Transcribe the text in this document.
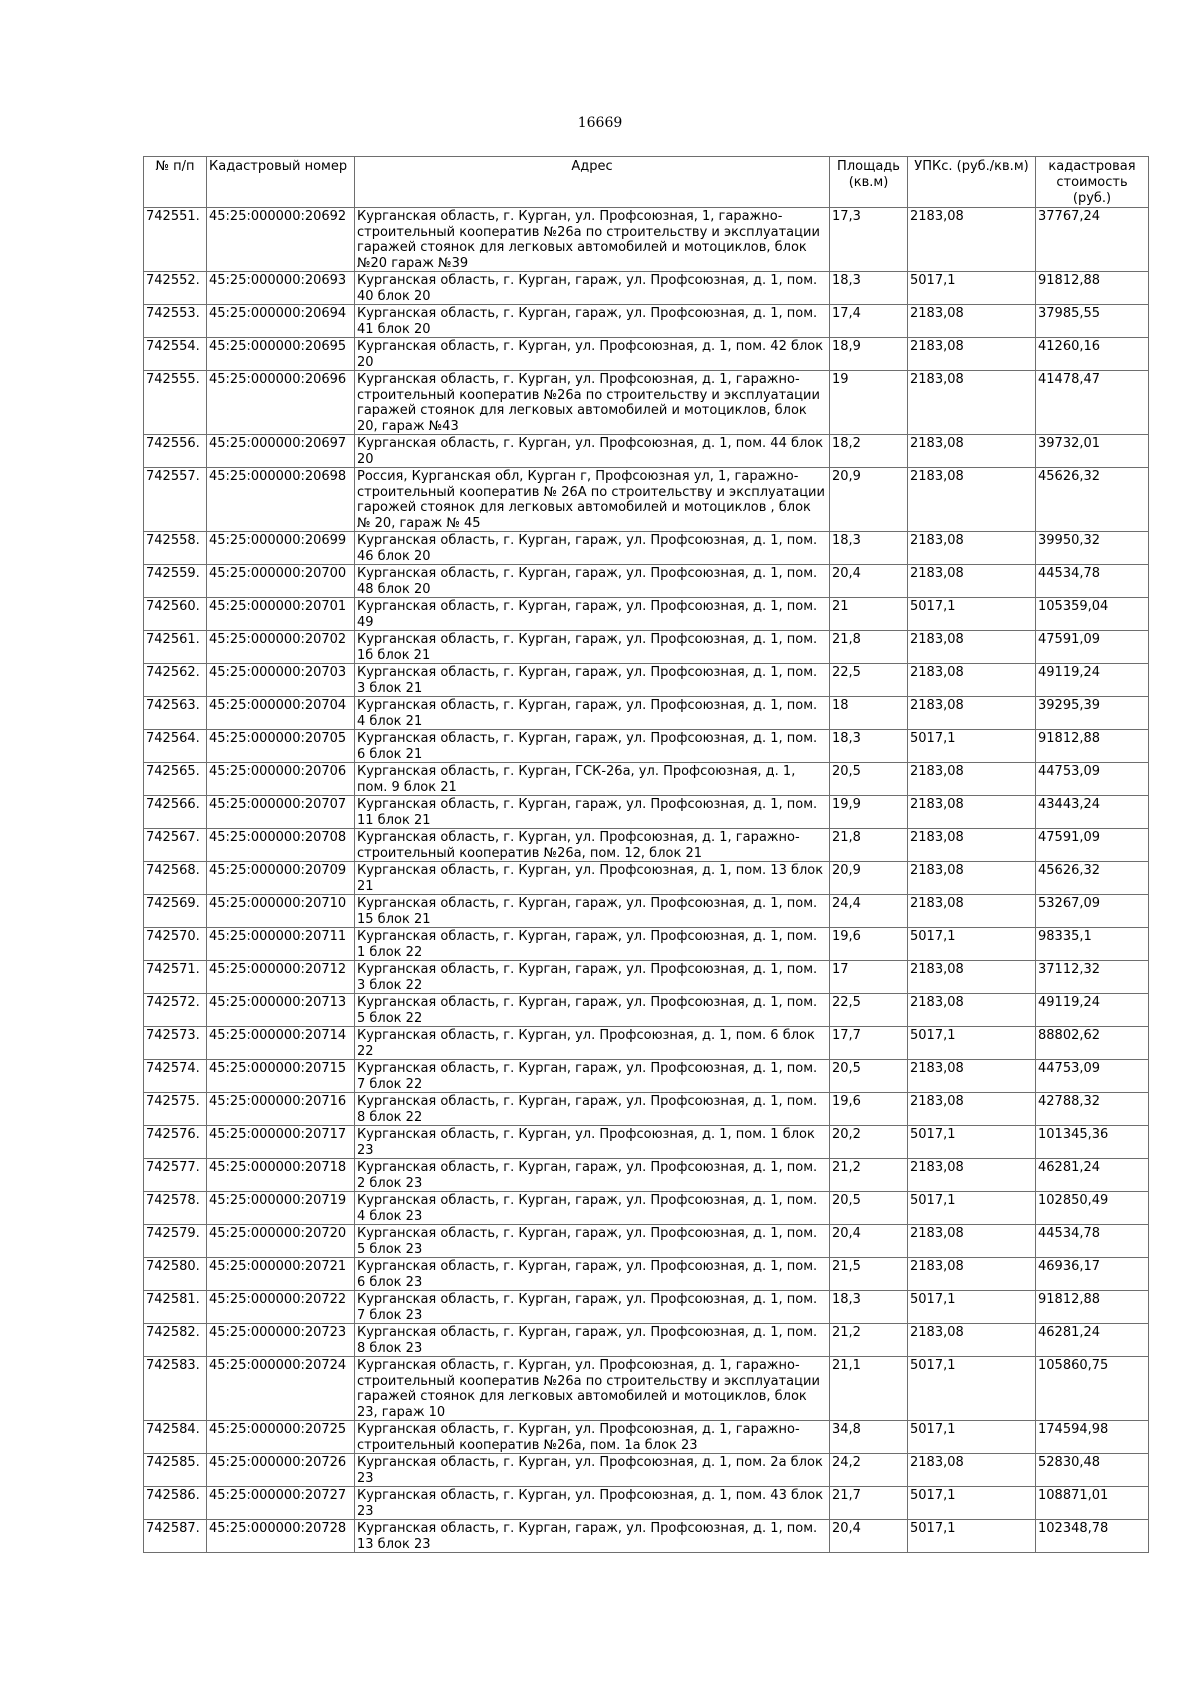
16669
№ п/п	Кадастровый номер	Адрес	Площадь (кв.м)	УПКс. (руб./кв.м)	кадастровая стоимость (руб.)
742551.	45:25:000000:20692	Курганская область, г. Курган, ул. Профсоюзная, 1, гаражно-строительный кооператив №26а по строительству и эксплуатации гаражей стоянок для легковых автомобилей и мотоциклов, блок №20 гараж №39	17,3	2183,08	37767,24
742552.	45:25:000000:20693	Курганская область, г. Курган, гараж, ул. Профсоюзная, д. 1, пом. 40 блок 20	18,3	5017,1	91812,88
742553.	45:25:000000:20694	Курганская область, г. Курган, гараж, ул. Профсоюзная, д. 1, пом. 41 блок 20	17,4	2183,08	37985,55
742554.	45:25:000000:20695	Курганская область, г. Курган, ул. Профсоюзная, д. 1, пом. 42 блок 20	18,9	2183,08	41260,16
742555.	45:25:000000:20696	Курганская область, г. Курган, ул. Профсоюзная, д. 1, гаражно-строительный кооператив №26а по строительству и эксплуатации гаражей стоянок для легковых автомобилей и мотоциклов, блок 20, гараж №43	19	2183,08	41478,47
742556.	45:25:000000:20697	Курганская область, г. Курган, ул. Профсоюзная, д. 1, пом. 44 блок 20	18,2	2183,08	39732,01
742557.	45:25:000000:20698	Россия, Курганская обл, Курган г, Профсоюзная ул, 1, гаражно-строительный кооператив № 26А по строительству и эксплуатации гарожей стоянок для легковых автомобилей и мотоциклов , блок № 20, гараж № 45	20,9	2183,08	45626,32
742558.	45:25:000000:20699	Курганская область, г. Курган, гараж, ул. Профсоюзная, д. 1, пом. 46 блок 20	18,3	2183,08	39950,32
742559.	45:25:000000:20700	Курганская область, г. Курган, гараж, ул. Профсоюзная, д. 1, пом. 48 блок 20	20,4	2183,08	44534,78
742560.	45:25:000000:20701	Курганская область, г. Курган, гараж, ул. Профсоюзная, д. 1, пом. 49	21	5017,1	105359,04
742561.	45:25:000000:20702	Курганская область, г. Курган, гараж, ул. Профсоюзная, д. 1, пом. 1б блок 21	21,8	2183,08	47591,09
742562.	45:25:000000:20703	Курганская область, г. Курган, гараж, ул. Профсоюзная, д. 1, пом. 3 блок 21	22,5	2183,08	49119,24
742563.	45:25:000000:20704	Курганская область, г. Курган, гараж, ул. Профсоюзная, д. 1, пом. 4 блок 21	18	2183,08	39295,39
742564.	45:25:000000:20705	Курганская область, г. Курган, гараж, ул. Профсоюзная, д. 1, пом. 6 блок 21	18,3	5017,1	91812,88
742565.	45:25:000000:20706	Курганская область, г. Курган, ГСК-26а, ул. Профсоюзная, д. 1, пом. 9 блок 21	20,5	2183,08	44753,09
742566.	45:25:000000:20707	Курганская область, г. Курган, гараж, ул. Профсоюзная, д. 1, пом. 11 блок 21	19,9	2183,08	43443,24
742567.	45:25:000000:20708	Курганская область, г. Курган, ул. Профсоюзная, д. 1, гаражно-строительный кооператив №26а, пом. 12, блок 21	21,8	2183,08	47591,09
742568.	45:25:000000:20709	Курганская область, г. Курган, ул. Профсоюзная, д. 1, пом. 13 блок 21	20,9	2183,08	45626,32
742569.	45:25:000000:20710	Курганская область, г. Курган, гараж, ул. Профсоюзная, д. 1, пом. 15 блок 21	24,4	2183,08	53267,09
742570.	45:25:000000:20711	Курганская область, г. Курган, гараж, ул. Профсоюзная, д. 1, пом. 1 блок 22	19,6	5017,1	98335,1
742571.	45:25:000000:20712	Курганская область, г. Курган, гараж, ул. Профсоюзная, д. 1, пом. 3 блок 22	17	2183,08	37112,32
742572.	45:25:000000:20713	Курганская область, г. Курган, гараж, ул. Профсоюзная, д. 1, пом. 5 блок 22	22,5	2183,08	49119,24
742573.	45:25:000000:20714	Курганская область, г. Курган, ул. Профсоюзная, д. 1, пом. 6 блок 22	17,7	5017,1	88802,62
742574.	45:25:000000:20715	Курганская область, г. Курган, гараж, ул. Профсоюзная, д. 1, пом. 7 блок 22	20,5	2183,08	44753,09
742575.	45:25:000000:20716	Курганская область, г. Курган, гараж, ул. Профсоюзная, д. 1, пом. 8 блок 22	19,6	2183,08	42788,32
742576.	45:25:000000:20717	Курганская область, г. Курган, ул. Профсоюзная, д. 1, пом. 1 блок 23	20,2	5017,1	101345,36
742577.	45:25:000000:20718	Курганская область, г. Курган, гараж, ул. Профсоюзная, д. 1, пом. 2 блок 23	21,2	2183,08	46281,24
742578.	45:25:000000:20719	Курганская область, г. Курган, гараж, ул. Профсоюзная, д. 1, пом. 4 блок 23	20,5	5017,1	102850,49
742579.	45:25:000000:20720	Курганская область, г. Курган, гараж, ул. Профсоюзная, д. 1, пом. 5 блок 23	20,4	2183,08	44534,78
742580.	45:25:000000:20721	Курганская область, г. Курган, гараж, ул. Профсоюзная, д. 1, пом. 6 блок 23	21,5	2183,08	46936,17
742581.	45:25:000000:20722	Курганская область, г. Курган, гараж, ул. Профсоюзная, д. 1, пом. 7 блок 23	18,3	5017,1	91812,88
742582.	45:25:000000:20723	Курганская область, г. Курган, гараж, ул. Профсоюзная, д. 1, пом. 8 блок 23	21,2	2183,08	46281,24
742583.	45:25:000000:20724	Курганская область, г. Курган, ул. Профсоюзная, д. 1, гаражно-строительный кооператив №26а по строительству и эксплуатации гаражей стоянок для легковых автомобилей и мотоциклов, блок 23, гараж 10	21,1	5017,1	105860,75
742584.	45:25:000000:20725	Курганская область, г. Курган, ул. Профсоюзная, д. 1, гаражно-строительный кооператив №26а, пом. 1а блок 23	34,8	5017,1	174594,98
742585.	45:25:000000:20726	Курганская область, г. Курган, ул. Профсоюзная, д. 1, пом. 2а блок 23	24,2	2183,08	52830,48
742586.	45:25:000000:20727	Курганская область, г. Курган, ул. Профсоюзная, д. 1, пом. 43 блок 23	21,7	5017,1	108871,01
742587.	45:25:000000:20728	Курганская область, г. Курган, гараж, ул. Профсоюзная, д. 1, пом. 13 блок 23	20,4	5017,1	102348,78
